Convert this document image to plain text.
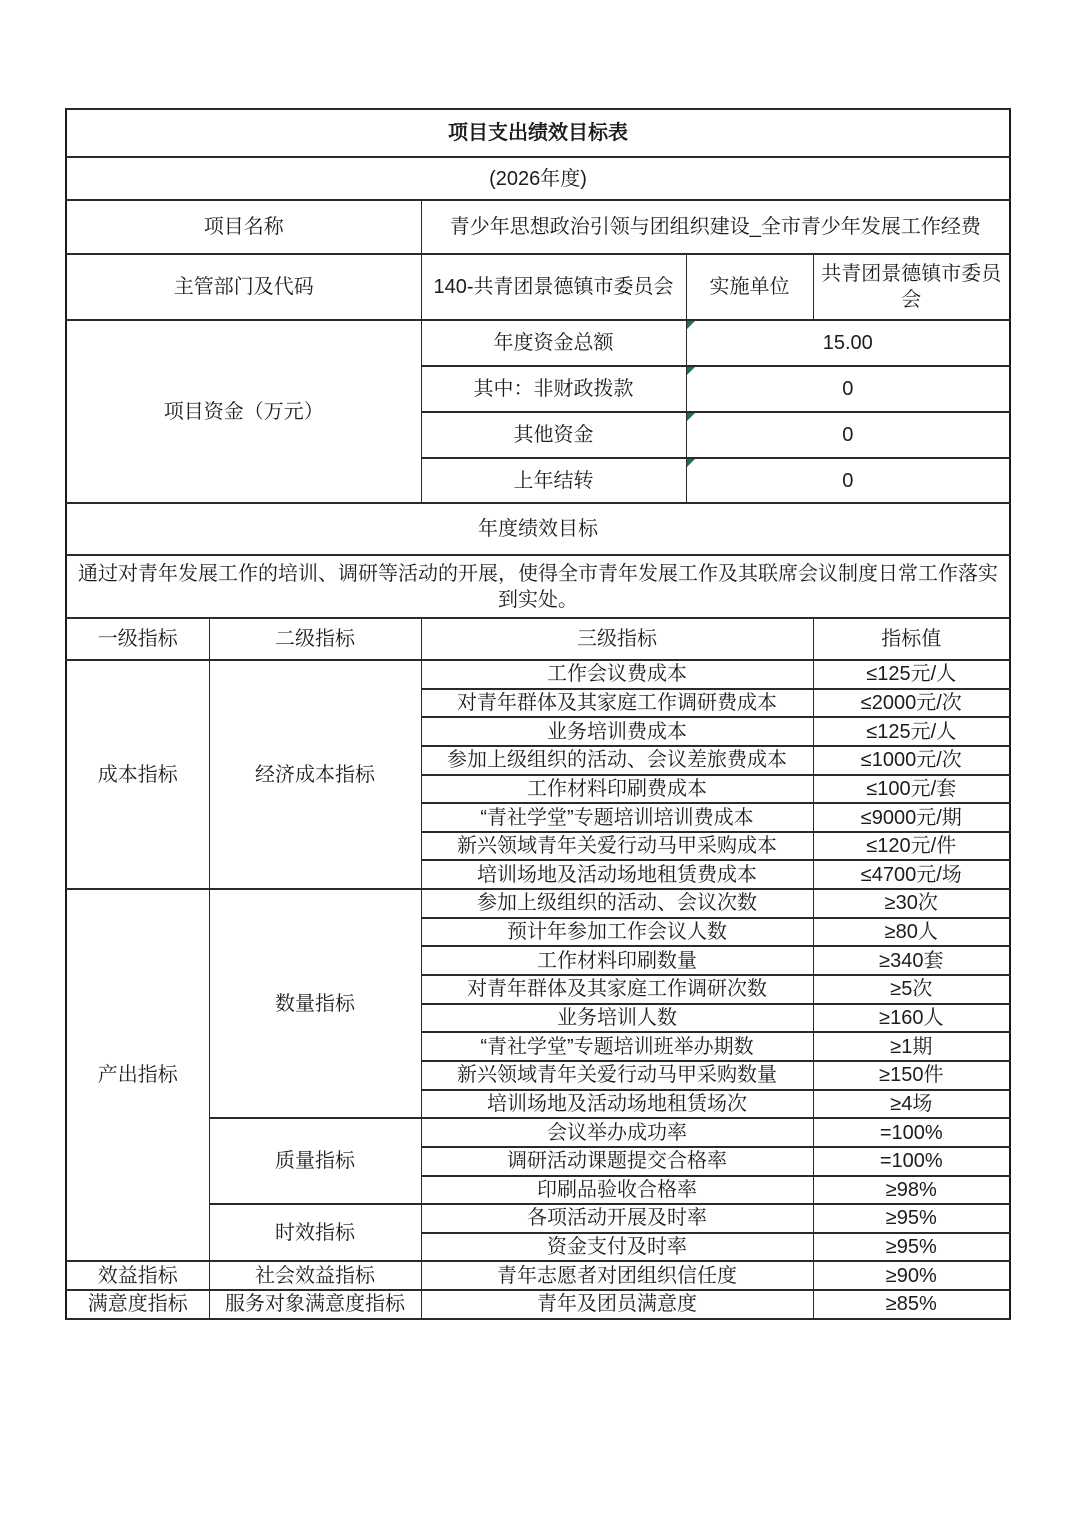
项目支出绩效目标表				
(2026年度)				
项目名称		青少年思想政治引领与团组织建设_全市青少年发展工作经费		
主管部门及代码		140-共青团景德镇市委员会	实施单位	共青团景德镇市委员会
项目资金（万元）		年度资金总额	15.00	
		其中：非财政拨款	0	
		其他资金	0	
		上年结转	0	
年度绩效目标				
通过对青年发展工作的培训、调研等活动的开展，使得全市青年发展工作及其联席会议制度日常工作落实到实处。				
一级指标	二级指标	三级指标		指标值
成本指标	经济成本指标	工作会议费成本		≤125元/人
		对青年群体及其家庭工作调研费成本		≤2000元/次
		业务培训费成本		≤125元/人
		参加上级组织的活动、会议差旅费成本		≤1000元/次
		工作材料印刷费成本		≤100元/套
		“青社学堂”专题培训培训费成本		≤9000元/期
		新兴领域青年关爱行动马甲采购成本		≤120元/件
		培训场地及活动场地租赁费成本		≤4700元/场
产出指标	数量指标	参加上级组织的活动、会议次数		≥30次
		预计年参加工作会议人数		≥80人
		工作材料印刷数量		≥340套
		对青年群体及其家庭工作调研次数		≥5次
		业务培训人数		≥160人
		“青社学堂”专题培训班举办期数		≥1期
		新兴领域青年关爱行动马甲采购数量		≥150件
		培训场地及活动场地租赁场次		≥4场
	质量指标	会议举办成功率		=100%
		调研活动课题提交合格率		=100%
		印刷品验收合格率		≥98%
	时效指标	各项活动开展及时率		≥95%
		资金支付及时率		≥95%
效益指标	社会效益指标	青年志愿者对团组织信任度		≥90%
满意度指标	服务对象满意度指标	青年及团员满意度		≥85%
